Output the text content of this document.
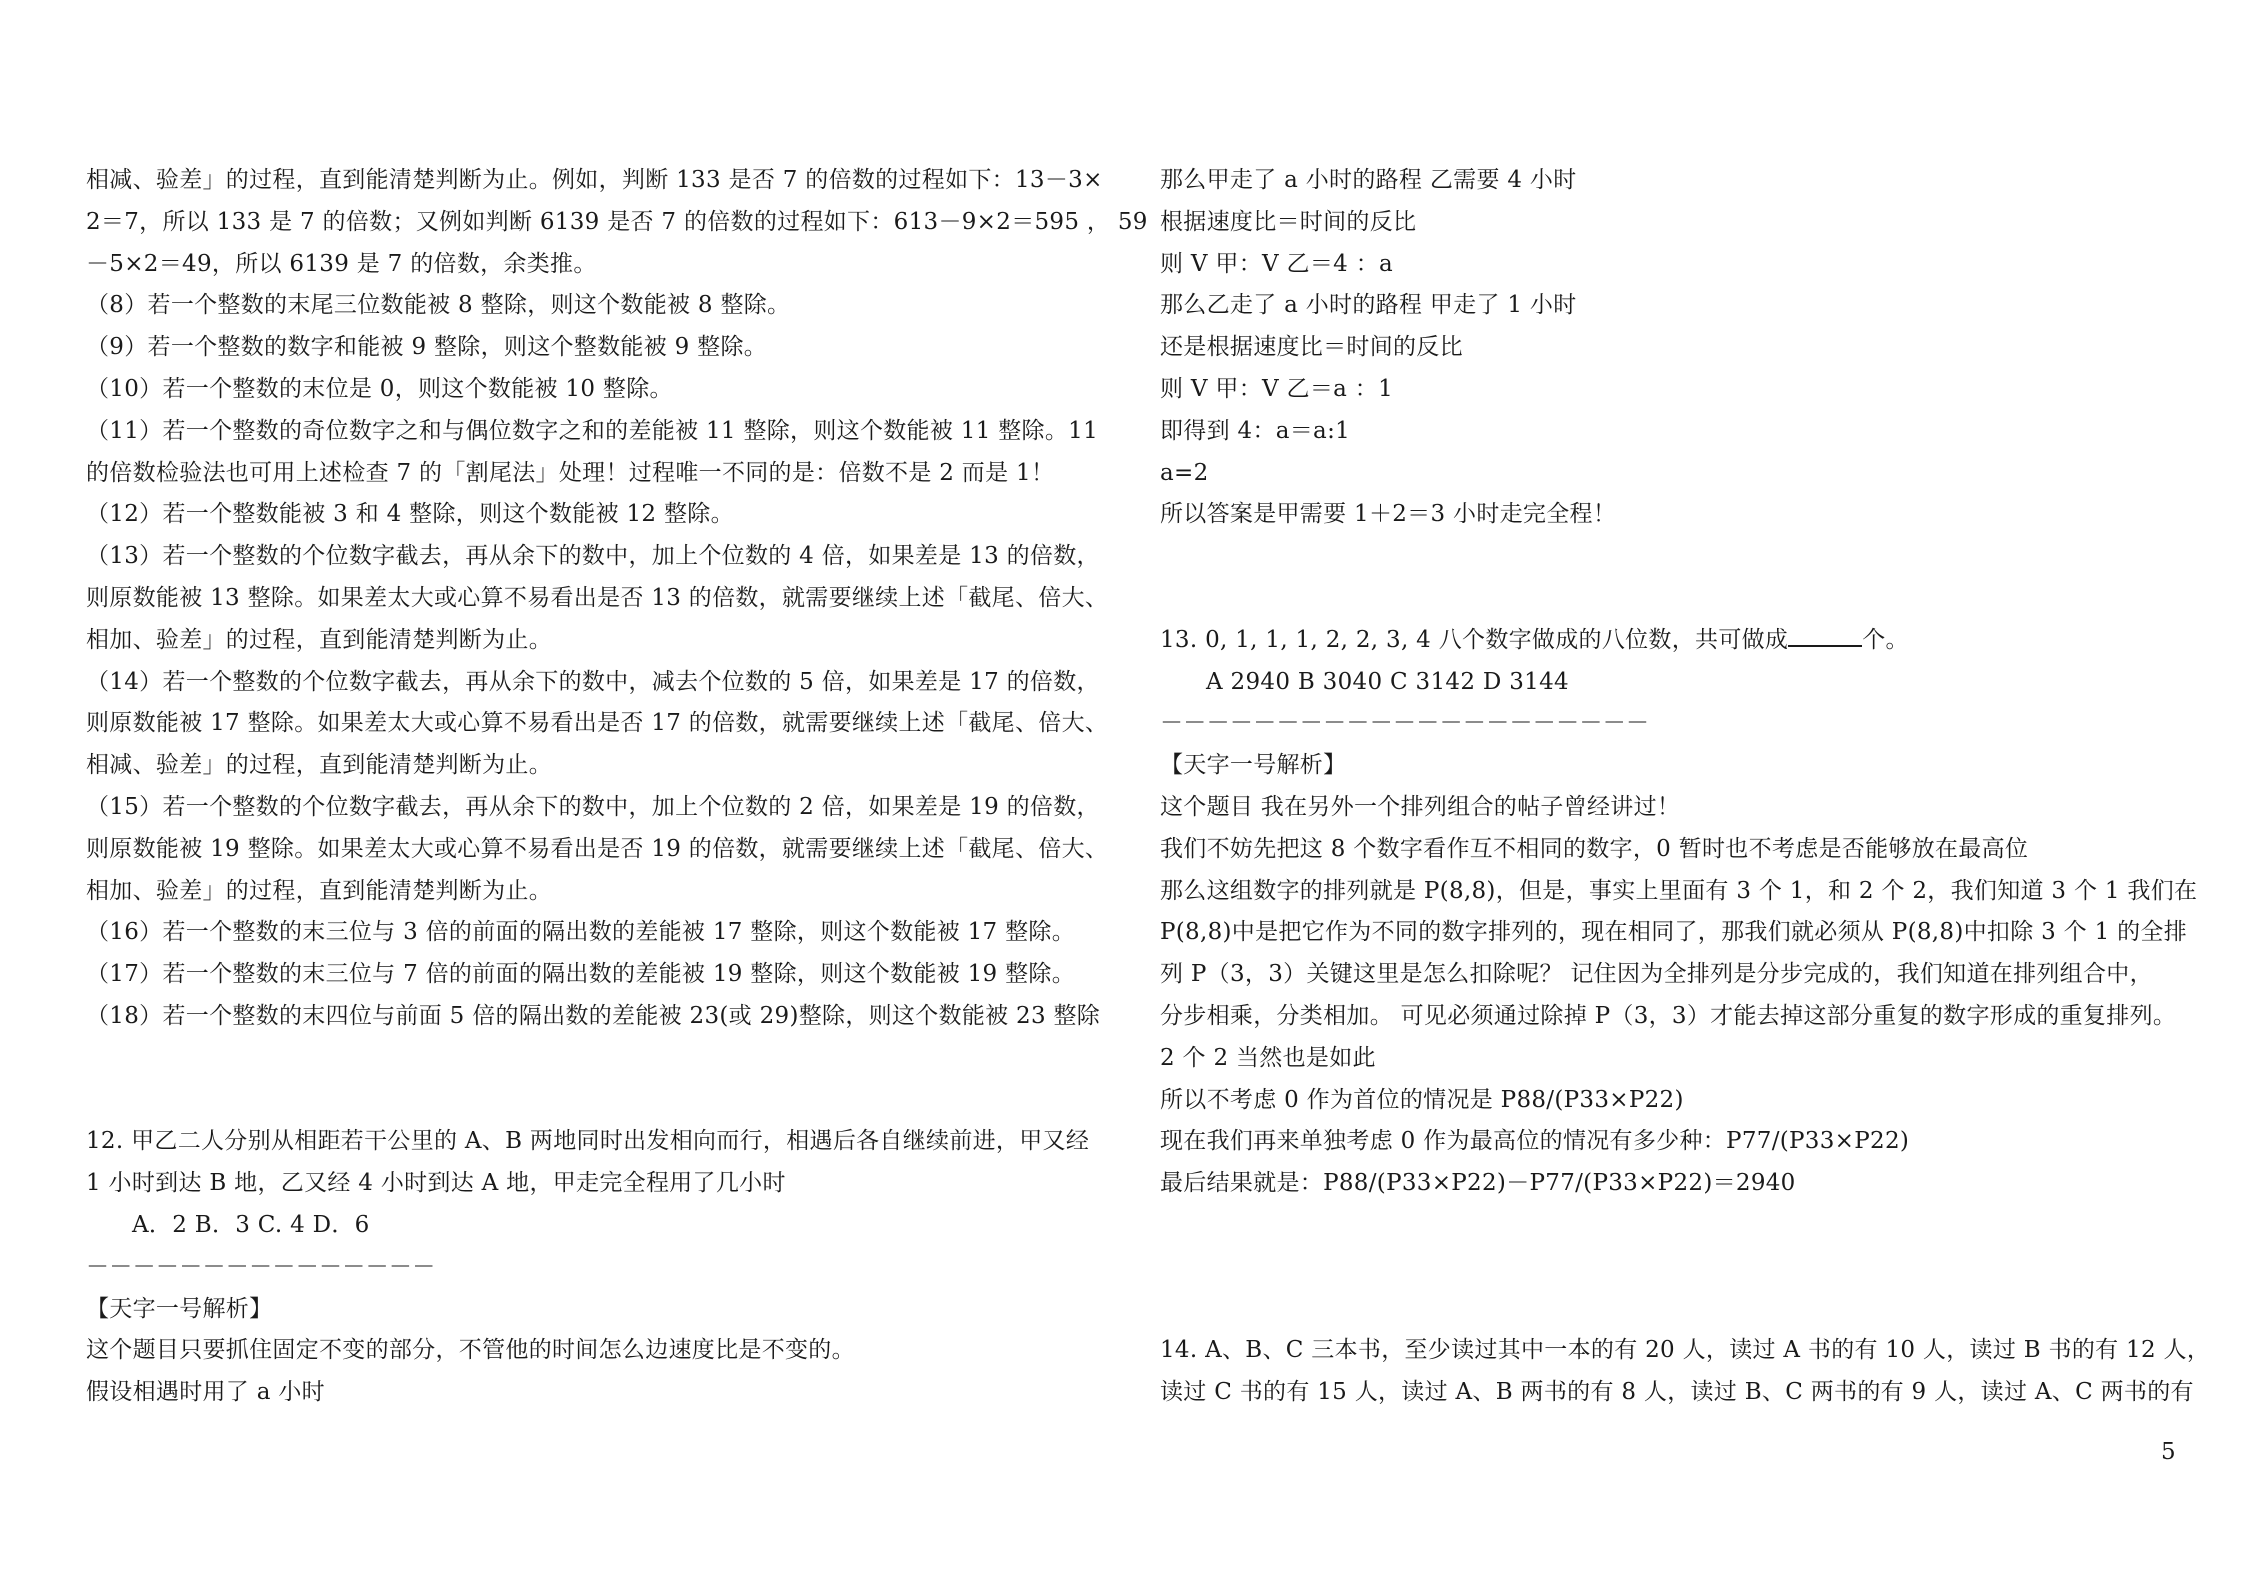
相减、验差」的过程，直到能清楚判断为止。例如，判断 133 是否 7 的倍数的过程如下：13－3×
2＝7，所以 133 是 7 的倍数；又例如判断 6139 是否 7 的倍数的过程如下：613－9×2＝595 ， 59
－5×2＝49，所以 6139 是 7 的倍数，余类推。
（8）若一个整数的末尾三位数能被 8 整除，则这个数能被 8 整除。
（9）若一个整数的数字和能被 9 整除，则这个整数能被 9 整除。
（10）若一个整数的末位是 0，则这个数能被 10 整除。
（11）若一个整数的奇位数字之和与偶位数字之和的差能被 11 整除，则这个数能被 11 整除。11
的倍数检验法也可用上述检查 7 的「割尾法」处理！过程唯一不同的是：倍数不是 2 而是 1！
（12）若一个整数能被 3 和 4 整除，则这个数能被 12 整除。
（13）若一个整数的个位数字截去，再从余下的数中，加上个位数的 4 倍，如果差是 13 的倍数，
则原数能被 13 整除。如果差太大或心算不易看出是否 13 的倍数，就需要继续上述「截尾、倍大、
相加、验差」的过程，直到能清楚判断为止。
（14）若一个整数的个位数字截去，再从余下的数中，减去个位数的 5 倍，如果差是 17 的倍数，
则原数能被 17 整除。如果差太大或心算不易看出是否 17 的倍数，就需要继续上述「截尾、倍大、
相减、验差」的过程，直到能清楚判断为止。
（15）若一个整数的个位数字截去，再从余下的数中，加上个位数的 2 倍，如果差是 19 的倍数，
则原数能被 19 整除。如果差太大或心算不易看出是否 19 的倍数，就需要继续上述「截尾、倍大、
相加、验差」的过程，直到能清楚判断为止。
（16）若一个整数的末三位与 3 倍的前面的隔出数的差能被 17 整除，则这个数能被 17 整除。
（17）若一个整数的末三位与 7 倍的前面的隔出数的差能被 19 整除，则这个数能被 19 整除。
（18）若一个整数的末四位与前面 5 倍的隔出数的差能被 23(或 29)整除，则这个数能被 23 整除
12. 甲乙二人分别从相距若干公里的 A、B 两地同时出发相向而行，相遇后各自继续前进，甲又经
1 小时到达 B 地，乙又经 4 小时到达 A 地，甲走完全程用了几小时
A．2 B．3 C. 4 D．6
－－－－－－－－－－－－－－－
【天字一号解析】
这个题目只要抓住固定不变的部分，不管他的时间怎么边速度比是不变的。
假设相遇时用了 a 小时
那么甲走了 a 小时的路程 乙需要 4 小时
根据速度比＝时间的反比
则 V 甲：V 乙＝4 ：a
那么乙走了 a 小时的路程 甲走了 1 小时
还是根据速度比＝时间的反比
则 V 甲：V 乙＝a ：1
即得到 4：a＝a:1
a=2
所以答案是甲需要 1＋2＝3 小时走完全程！
13. 0, 1, 1, 1, 2, 2, 3, 4 八个数字做成的八位数，共可做成	个。
A 2940 B 3040 C 3142 D 3144
－－－－－－－－－－－－－－－－－－－－－
【天字一号解析】
这个题目 我在另外一个排列组合的帖子曾经讲过！
我们不妨先把这 8 个数字看作互不相同的数字，0 暂时也不考虑是否能够放在最高位
那么这组数字的排列就是 P(8,8)，但是，事实上里面有 3 个 1，和 2 个 2，我们知道 3 个 1 我们在
P(8,8)中是把它作为不同的数字排列的，现在相同了，那我们就必须从 P(8,8)中扣除 3 个 1 的全排
列 P（3，3）关键这里是怎么扣除呢？ 记住因为全排列是分步完成的，我们知道在排列组合中，
分步相乘，分类相加。 可见必须通过除掉 P（3，3）才能去掉这部分重复的数字形成的重复排列。
2 个 2 当然也是如此
所以不考虑 0 作为首位的情况是 P88/(P33×P22)
现在我们再来单独考虑 0 作为最高位的情况有多少种：P77/(P33×P22)
最后结果就是：P88/(P33×P22)－P77/(P33×P22)＝2940
14. A、B、C 三本书，至少读过其中一本的有 20 人，读过 A 书的有 10 人，读过 B 书的有 12 人，
读过 C 书的有 15 人，读过 A、B 两书的有 8 人，读过 B、C 两书的有 9 人，读过 A、C 两书的有
5
